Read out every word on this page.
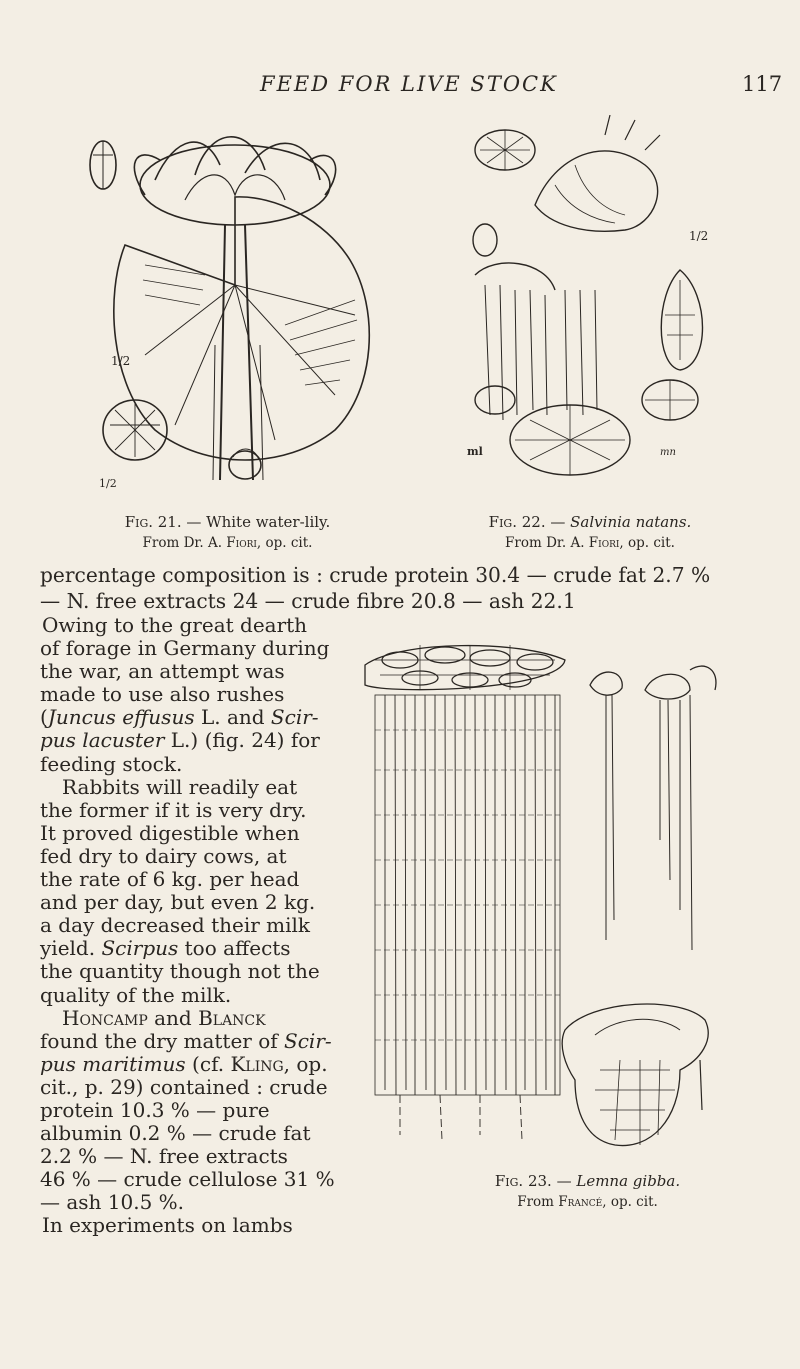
FEED FOR LIVE STOCK	117
1/2
1/2
Fig. 21. — White water-lily.
From Dr. A. Fiori, op. cit.
1/2
ml	mn
Fig. 22. — Salvinia natans.
From Dr. A. Fiori, op. cit.
percentage composition is : crude protein 30.4 — crude fat 2.7 %
— N. free extracts 24 — crude fibre 20.8 — ash 22.1
Owing to the great dearth
of forage in Germany during
the war, an attempt was
made to use also rushes
(Juncus effusus L. and Scir-
pus lacuster L.) (fig. 24) for
feeding stock.
Rabbits will readily eat
the former if it is very dry.
It proved digestible when
fed dry to dairy cows, at
the rate of 6 kg. per head
and per day, but even 2 kg.
a day decreased their milk
yield. Scirpus too affects
the quantity though not the
quality of the milk.
Honcamp and Blanck
found the dry matter of Scir-
pus maritimus (cf. Kling, op.
cit., p. 29) contained : crude
protein 10.3 % — pure
albumin 0.2 % — crude fat
2.2 % — N. free extracts
46 % — crude cellulose 31 %
— ash 10.5 %.
In experiments on lambs
Fig. 23. — Lemna gibba.
From Francé, op. cit.
